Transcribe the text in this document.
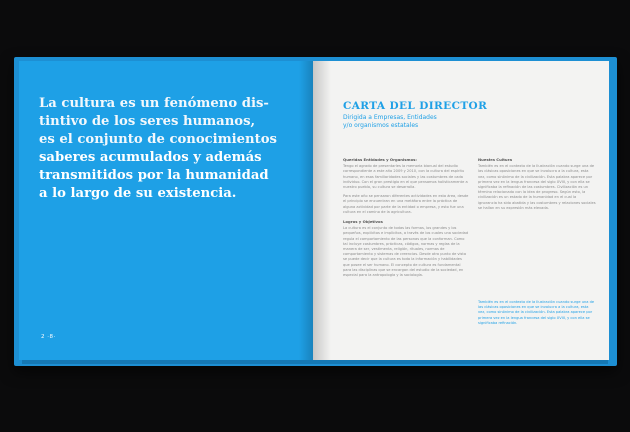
La cultura es un fenómeno dis-
tintivo de los seres humanos,
es el conjunto de conocimientos
saberes acumulados y además
transmitidos por la humanidad
a lo largo de su existencia.

2 ·8·
CARTA DEL DIRECTOR
Dirigida a Empresas, Entidades
y/o organismos estatales
Queridas Entidades y Organismos:

Tengo el agrado de presentarles la memoria bianual del estudio correspondiente a este año 2009 y 2010, con la cultura del espíritu humano, en esas familiaridades sociales y las costumbres de cada individuo. Con el gran prestigio en el que pensamos holísticamente a nuestro pueblo, su cultura se desarrolla.

Para este año se pensaron diferentes actividades en esta área, desde el principio se encuentran en una metáfora entre la práctica de alguna actividad por parte de la entidad o empresa, y esto fue una cultura en el camino de la agricultura.

Logros y Objetivos

La cultura es el conjunto de todas las formas, los grandes y los pequeños, explícitos e implícitos, a través de los cuales una sociedad regula el comportamiento de las personas que la conforman. Como tal incluye costumbres, prácticas, códigos, normas y reglas de la manera de ser, vestimenta, religión, rituales, normas de comportamiento y sistemas de creencias. Desde otro punto de vista se puede decir que la cultura es toda la información y habilidades que posee el ser humano. El concepto de cultura es fundamental para las disciplinas que se encargan del estudio de la sociedad, en especial para la antropología y la sociología.

Nuestra Cultura

También es en el contexto de la Ilustración cuando surge una de las clásicas oposiciones en que se involucra a la cultura, esta vez, como sinónimo de la civilización. Esta palabra aparece por primera vez en la lengua francesa del siglo XVIII, y con ella se significaba la refinación de las costumbres. Civilización es un término relacionado con la idea de progreso. Según esto, la civilización es un estado de la humanidad en el cual la ignorancia ha sido abatida y las costumbres y relaciones sociales se hallan en su expresión más elevada.

También es en el contexto de la Ilustración cuando surge una de las clásicas oposiciones en que se involucra a la cultura, esta vez, como sinónimo de la civilización. Esta palabra aparece por primera vez en la lengua francesa del siglo XVIII, y con ella se significaba refinación.
